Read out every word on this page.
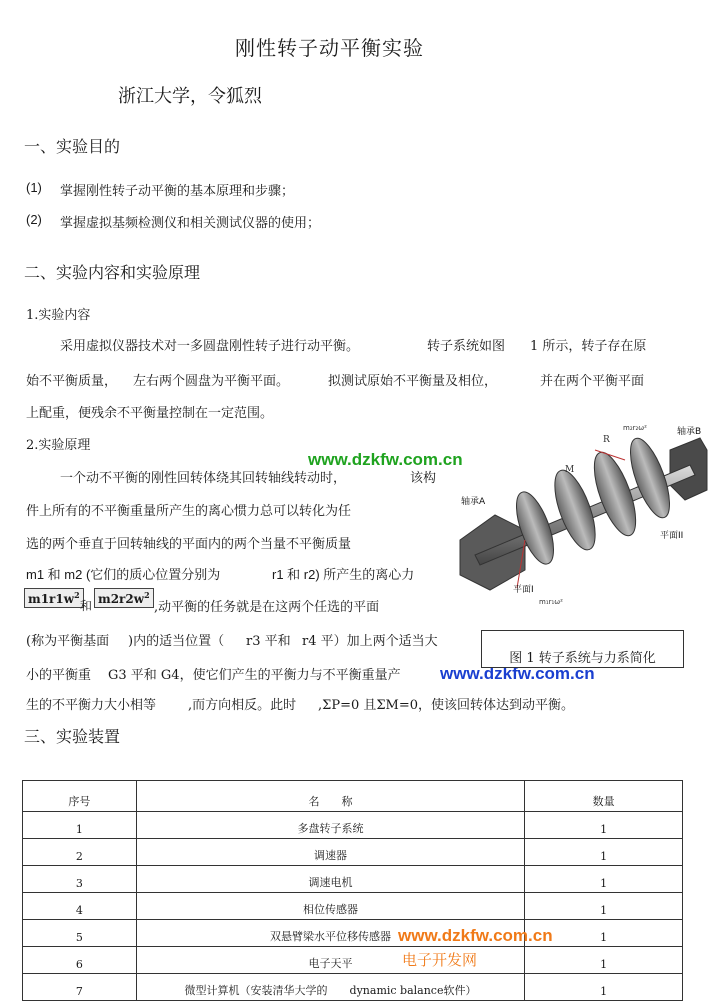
刚性转子动平衡实验
浙江大学，令狐烈
一、实验目的
(1) 掌握刚性转子动平衡的基本原理和步骤；
(2) 掌握虚拟基频检测仪和相关测试仪器的使用；
二、实验内容和实验原理
1.实验内容
采用虚拟仪器技术对一多圆盘刚性转子进行动平衡。	转子系统如图 1 所示，转子存在原
始不平衡质量， 左右两个圆盘为平衡平面。	拟测试原始不平衡量及相位，	并在两个平衡平面
上配重，便残余不平衡量控制在一定范围。
2.实验原理
www.dzkfw.com.cn
一个动不平衡的刚性回转体绕其回转轴线转动时，	该构
件上所有的不平衡重量所产生的离心惯力总可以转化为任
选的两个垂直于回转轴线的平面内的两个当量不平衡质量
m1 和 m2 (它们的质心位置分别为	r1 和 r2) 所产生的离心力
$m1r1w^2$
和 $m2r2w^2$
,动平衡的任务就是在这两个任选的平面
(称为平衡基面 )内的适当位置（ r3 平和 r4 平）加上两个适当大
小的平衡重 G3 平和 G4，使它们产生的平衡力与不平衡重量产 www.dzkfw.com.cn
生的不平衡力大小相等 ,而方向相反。此时 ,ΣP=0 且ΣM=0，使该回转体达到动平衡。
轴承A
轴承B
平面I
平面II
m₂r₂ω²
m₁r₁ω²
R
M
图 1 转子系统与力系简化
三、实验装置
序号	名　　称	数量
1	多盘转子系统	1
2	调速器	1
3	调速电机	1
4	相位传感器	1
5	双悬臂梁水平位移传感器	1
6	电子天平	1
7	微型计算机（安装清华大学的　　dynamic balance软件）	1
www.dzkfw.com.cn
电子开发网
